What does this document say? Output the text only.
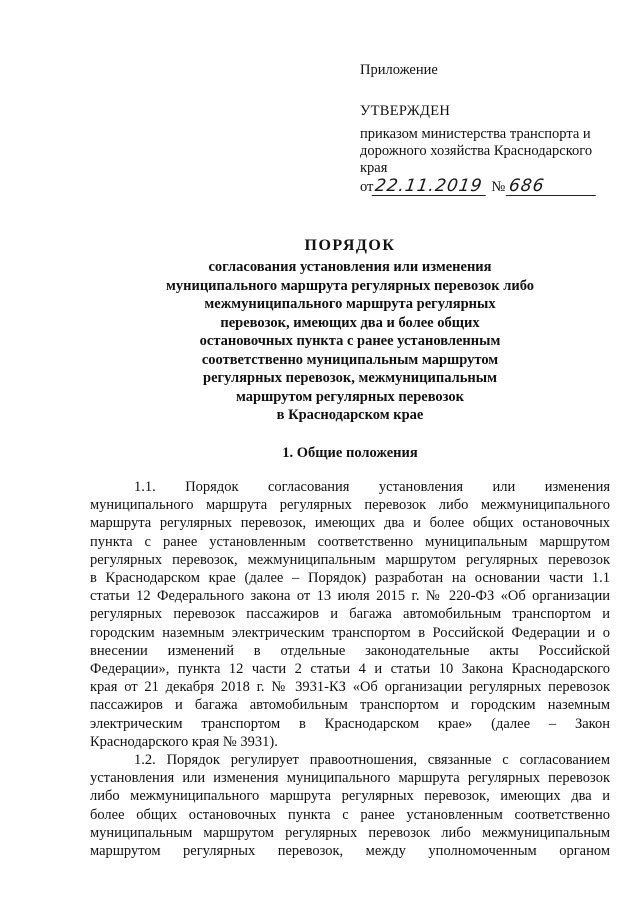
Приложение

УТВЕРЖДЕН

приказом министерства транспорта и

дорожного хозяйства Краснодарского

края

от 22.11.2019 № 686

ПОРЯДОК

согласования установления или изменения

муниципального маршрута регулярных перевозок либо

межмуниципального маршрута регулярных

перевозок, имеющих два и более общих

остановочных пункта с ранее установленным

соответственно муниципальным маршрутом

регулярных перевозок, межмуниципальным

маршрутом регулярных перевозок

в Краснодарском крае

1. Общие положения

1.1. Порядок согласования установления или изменения

муниципального маршрута регулярных перевозок либо межмуниципального

маршрута регулярных перевозок, имеющих два и более общих остановочных

пункта с ранее установленным соответственно муниципальным маршрутом

регулярных перевозок, межмуниципальным маршрутом регулярных перевозок

в Краснодарском крае (далее – Порядок) разработан на основании части 1.1

статьи 12 Федерального закона от 13 июля 2015 г. № 220-ФЗ «Об организации

регулярных перевозок пассажиров и багажа автомобильным транспортом и

городским наземным электрическим транспортом в Российской Федерации и о

внесении изменений в отдельные законодательные акты Российской

Федерации», пункта 12 части 2 статьи 4 и статьи 10 Закона Краснодарского

края от 21 декабря 2018 г. № 3931-КЗ «Об организации регулярных перевозок

пассажиров и багажа автомобильным транспортом и городским наземным

электрическим транспортом в Краснодарском крае» (далее – Закон

Краснодарского края № 3931).

1.2. Порядок регулирует правоотношения, связанные с согласованием

установления или изменения муниципального маршрута регулярных перевозок

либо межмуниципального маршрута регулярных перевозок, имеющих два и

более общих остановочных пункта с ранее установленным соответственно

муниципальным маршрутом регулярных перевозок либо межмуниципальным

маршрутом регулярных перевозок, между уполномоченным органом
